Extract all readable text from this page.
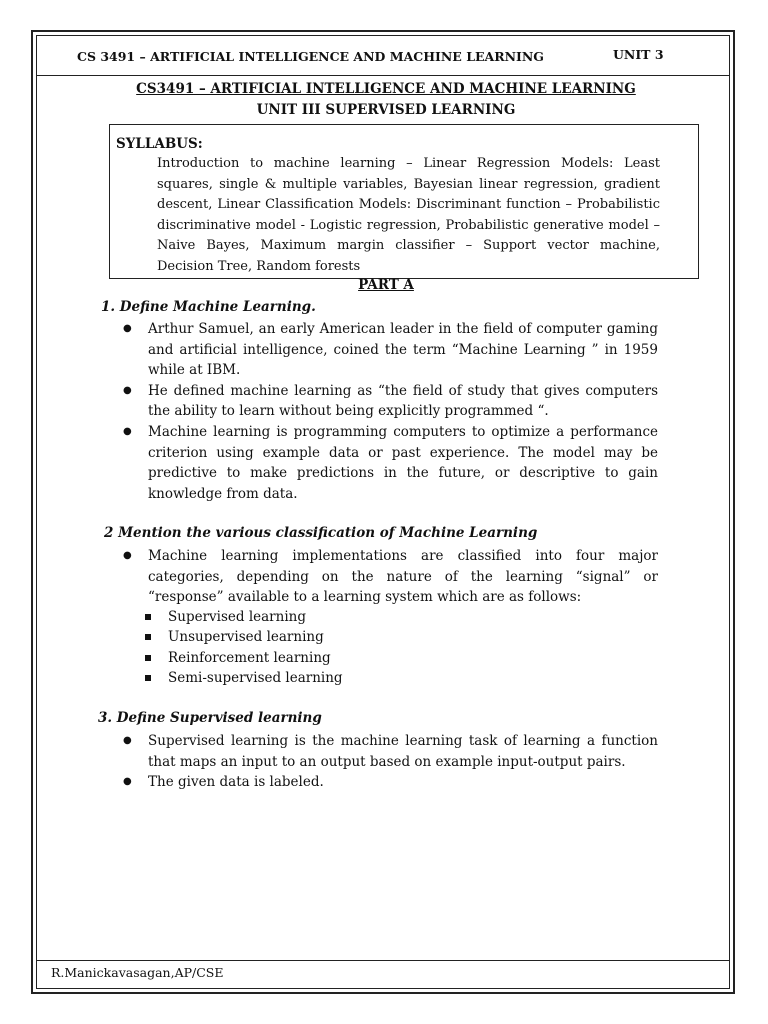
CS 3491 – ARTIFICIAL INTELLIGENCE AND MACHINE LEARNING	UNIT 3
CS3491 – ARTIFICIAL INTELLIGENCE AND MACHINE LEARNING
UNIT III SUPERVISED LEARNING
SYLLABUS:
Introduction to machine learning – Linear Regression Models: Least squares, single & multiple variables, Bayesian linear regression, gradient descent, Linear Classification Models: Discriminant function – Probabilistic discriminative model - Logistic regression, Probabilistic generative model – Naive Bayes, Maximum margin classifier – Support vector machine, Decision Tree, Random forests
PART A
1. Define Machine Learning.
● Arthur Samuel, an early American leader in the field of computer gaming and artificial intelligence, coined the term “Machine Learning ” in 1959 while at IBM.
● He defined machine learning as “the field of study that gives computers the ability to learn without being explicitly programmed “.
● Machine learning is programming computers to optimize a performance criterion using example data or past experience. The model may be predictive to make predictions in the future, or descriptive to gain knowledge from data.
2 Mention the various classification of Machine Learning
● Machine learning implementations are classified into four major categories, depending on the nature of the learning “signal” or “response” available to a learning system which are as follows:
Supervised learning
Unsupervised learning
Reinforcement learning
Semi-supervised learning
3. Define Supervised learning
● Supervised learning is the machine learning task of learning a function that maps an input to an output based on example input-output pairs.
● The given data is labeled.
R.Manickavasagan,AP/CSE
